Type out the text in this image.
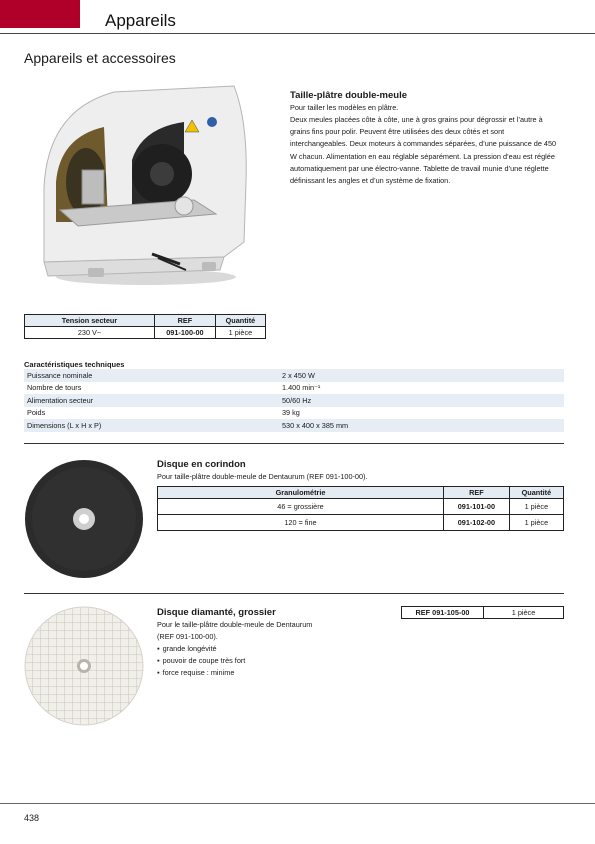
Appareils
Appareils et accessoires
Taille-plâtre double-meule
Pour tailler les modèles en plâtre.
Deux meules placées côte à côte, une à gros grains pour dégrossir et l’autre à grains fins pour polir. Peuvent être utilisées des deux côtés et sont interchangeables. Deux moteurs à commandes séparées, d’une puissance de 450 W chacun. Alimentation en eau réglable séparément. La pression d’eau est réglée automatiquement par une électro-vanne. Tablette de travail munie d’une réglette définissant les angles et d’un système de fixation.
Tension secteur	REF	Quantité
230 V~	091-100-00	1 pièce
Caractéristiques techniques
Puissance nominale	2 x 450 W
Nombre de tours	1.400 min⁻¹
Alimentation secteur	50/60 Hz
Poids	39 kg
Dimensions (L x H x P)	530 x 400 x 385 mm
Disque en corindon
Pour taille-plâtre double-meule de Dentaurum (REF 091-100-00).
Granulométrie	REF	Quantité
46 = grossière	091-101-00	1 pièce
120 = fine	091-102-00	1 pièce
Disque diamanté, grossier
Pour le taille-plâtre double-meule de Dentaurum
(REF 091-100-00).
▪ grande longévité
▪ pouvoir de coupe très fort
▪ force requise : minime
REF 091-105-00	1 pièce
438
